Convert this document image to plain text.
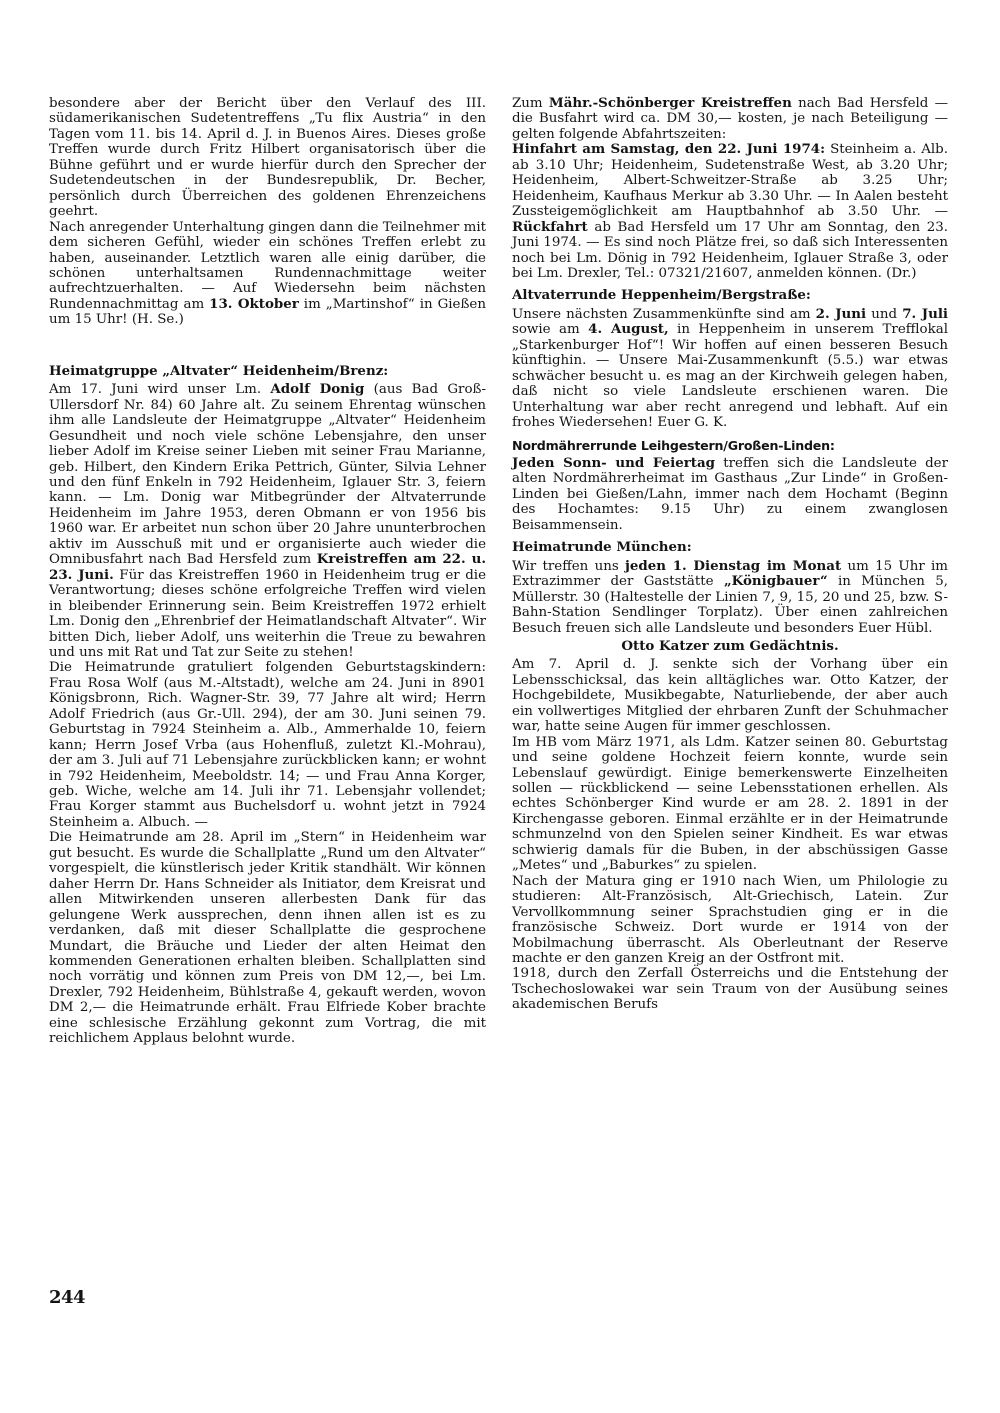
besondere aber der Bericht über den Verlauf des III. südamerikanischen Sudetentreffens „Tu flix Austria“ in den Tagen vom 11. bis 14. April d. J. in Buenos Aires. Dieses große Treffen wurde durch Fritz Hilbert organisatorisch über die Bühne geführt und er wurde hierfür durch den Sprecher der Sudetendeutschen in der Bundesrepublik, Dr. Becher, persönlich durch Überreichen des goldenen Ehrenzeichens geehrt.

Nach anregender Unterhaltung gingen dann die Teilnehmer mit dem sicheren Gefühl, wieder ein schönes Treffen erlebt zu haben, auseinander. Letztlich waren alle einig darüber, die schönen unterhaltsamen Rundennachmittage weiter aufrechtzuerhalten. — Auf Wiedersehn beim nächsten Rundennachmittag am 13. Oktober im „Martinshof“ in Gießen um 15 Uhr! (H. Se.)

Heimatgruppe „Altvater“ Heidenheim/Brenz:

Am 17. Juni wird unser Lm. Adolf Donig (aus Bad Groß-Ullersdorf Nr. 84) 60 Jahre alt. Zu seinem Ehrentag wünschen ihm alle Landsleute der Heimatgruppe „Altvater“ Heidenheim Gesundheit und noch viele schöne Lebensjahre, den unser lieber Adolf im Kreise seiner Lieben mit seiner Frau Marianne, geb. Hilbert, den Kindern Erika Pettrich, Günter, Silvia Lehner und den fünf Enkeln in 792 Heidenheim, Iglauer Str. 3, feiern kann. — Lm. Donig war Mitbegründer der Altvaterrunde Heidenheim im Jahre 1953, deren Obmann er von 1956 bis 1960 war. Er arbeitet nun schon über 20 Jahre ununterbrochen aktiv im Ausschuß mit und er organisierte auch wieder die Omnibusfahrt nach Bad Hersfeld zum Kreistreffen am 22. u. 23. Juni. Für das Kreistreffen 1960 in Heidenheim trug er die Verantwortung; dieses schöne erfolgreiche Treffen wird vielen in bleibender Erinnerung sein. Beim Kreistreffen 1972 erhielt Lm. Donig den „Ehrenbrief der Heimatlandschaft Altvater“. Wir bitten Dich, lieber Adolf, uns weiterhin die Treue zu bewahren und uns mit Rat und Tat zur Seite zu stehen!

Die Heimatrunde gratuliert folgenden Geburtstagskindern: Frau Rosa Wolf (aus M.-Altstadt), welche am 24. Juni in 8901 Königsbronn, Rich. Wagner-Str. 39, 77 Jahre alt wird; Herrn Adolf Friedrich (aus Gr.-Ull. 294), der am 30. Juni seinen 79. Geburtstag in 7924 Steinheim a. Alb., Ammerhalde 10, feiern kann; Herrn Josef Vrba (aus Hohenfluß, zuletzt Kl.-Mohrau), der am 3. Juli auf 71 Lebensjahre zurückblicken kann; er wohnt in 792 Heidenheim, Meeboldstr. 14; — und Frau Anna Korger, geb. Wiche, welche am 14. Juli ihr 71. Lebensjahr vollendet; Frau Korger stammt aus Buchelsdorf u. wohnt jetzt in 7924 Steinheim a. Albuch. —

Die Heimatrunde am 28. April im „Stern“ in Heidenheim war gut besucht. Es wurde die Schallplatte „Rund um den Altvater“ vorgespielt, die künstlerisch jeder Kritik standhält. Wir können daher Herrn Dr. Hans Schneider als Initiator, dem Kreisrat und allen Mitwirkenden unseren allerbesten Dank für das gelungene Werk aussprechen, denn ihnen allen ist es zu verdanken, daß mit dieser Schallplatte die gesprochene Mundart, die Bräuche und Lieder der alten Heimat den kommenden Generationen erhalten bleiben. Schallplatten sind noch vorrätig und können zum Preis von DM 12,—, bei Lm. Drexler, 792 Heidenheim, Bühlstraße 4, gekauft werden, wovon DM 2,— die Heimatrunde erhält. Frau Elfriede Kober brachte eine schlesische Erzählung gekonnt zum Vortrag, die mit reichlichem Applaus belohnt wurde.

Zum Mähr.-Schönberger Kreistreffen nach Bad Hersfeld — die Busfahrt wird ca. DM 30,— kosten, je nach Beteiligung — gelten folgende Abfahrtszeiten:

Hinfahrt am Samstag, den 22. Juni 1974: Steinheim a. Alb. ab 3.10 Uhr; Heidenheim, Sudetenstraße West, ab 3.20 Uhr; Heidenheim, Albert-Schweitzer-Straße ab 3.25 Uhr; Heidenheim, Kaufhaus Merkur ab 3.30 Uhr. — In Aalen besteht Zussteigemöglichkeit am Hauptbahnhof ab 3.50 Uhr. — Rückfahrt ab Bad Hersfeld um 17 Uhr am Sonntag, den 23. Juni 1974. — Es sind noch Plätze frei, so daß sich Interessenten noch bei Lm. Dönig in 792 Heidenheim, Iglauer Straße 3, oder bei Lm. Drexler, Tel.: 07321/21607, anmelden können. (Dr.)

Altvaterrunde Heppenheim/Bergstraße:

Unsere nächsten Zusammenkünfte sind am 2. Juni und 7. Juli sowie am 4. August, in Heppenheim in unserem Trefflokal „Starkenburger Hof“! Wir hoffen auf einen besseren Besuch künftighin. — Unsere Mai-Zusammenkunft (5.5.) war etwas schwächer besucht u. es mag an der Kirchweih gelegen haben, daß nicht so viele Landsleute erschienen waren. Die Unterhaltung war aber recht anregend und lebhaft. Auf ein frohes Wiedersehen! Euer G. K.

Nordmährerrunde Leihgestern/Großen-Linden:

Jeden Sonn- und Feiertag treffen sich die Landsleute der alten Nordmährerheimat im Gasthaus „Zur Linde“ in Großen-Linden bei Gießen/Lahn, immer nach dem Hochamt (Beginn des Hochamtes: 9.15 Uhr) zu einem zwanglosen Beisammensein.

Heimatrunde München:

Wir treffen uns jeden 1. Dienstag im Monat um 15 Uhr im Extrazimmer der Gaststätte „Königbauer“ in München 5, Müllerstr. 30 (Haltestelle der Linien 7, 9, 15, 20 und 25, bzw. S-Bahn-Station Sendlinger Torplatz). Über einen zahlreichen Besuch freuen sich alle Landsleute und besonders Euer Hübl.

Otto Katzer zum Gedächtnis.

Am 7. April d. J. senkte sich der Vorhang über ein Lebensschicksal, das kein alltägliches war. Otto Katzer, der Hochgebildete, Musikbegabte, Naturliebende, der aber auch ein vollwertiges Mitglied der ehrbaren Zunft der Schuhmacher war, hatte seine Augen für immer geschlossen.

Im HB vom März 1971, als Ldm. Katzer seinen 80. Geburtstag und seine goldene Hochzeit feiern konnte, wurde sein Lebenslauf gewürdigt. Einige bemerkenswerte Einzelheiten sollen — rückblickend — seine Lebensstationen erhellen. Als echtes Schönberger Kind wurde er am 28. 2. 1891 in der Kirchengasse geboren. Einmal erzählte er in der Heimatrunde schmunzelnd von den Spielen seiner Kindheit. Es war etwas schwierig damals für die Buben, in der abschüssigen Gasse „Metes“ und „Baburkes“ zu spielen.

Nach der Matura ging er 1910 nach Wien, um Philologie zu studieren: Alt-Französisch, Alt-Griechisch, Latein. Zur Vervollkommnung seiner Sprachstudien ging er in die französische Schweiz. Dort wurde er 1914 von der Mobilmachung überrascht. Als Oberleutnant der Reserve machte er den ganzen Kreig an der Ostfront mit.

1918, durch den Zerfall Österreichs und die Entstehung der Tschechoslowakei war sein Traum von der Ausübung seines akademischen Berufs

244
